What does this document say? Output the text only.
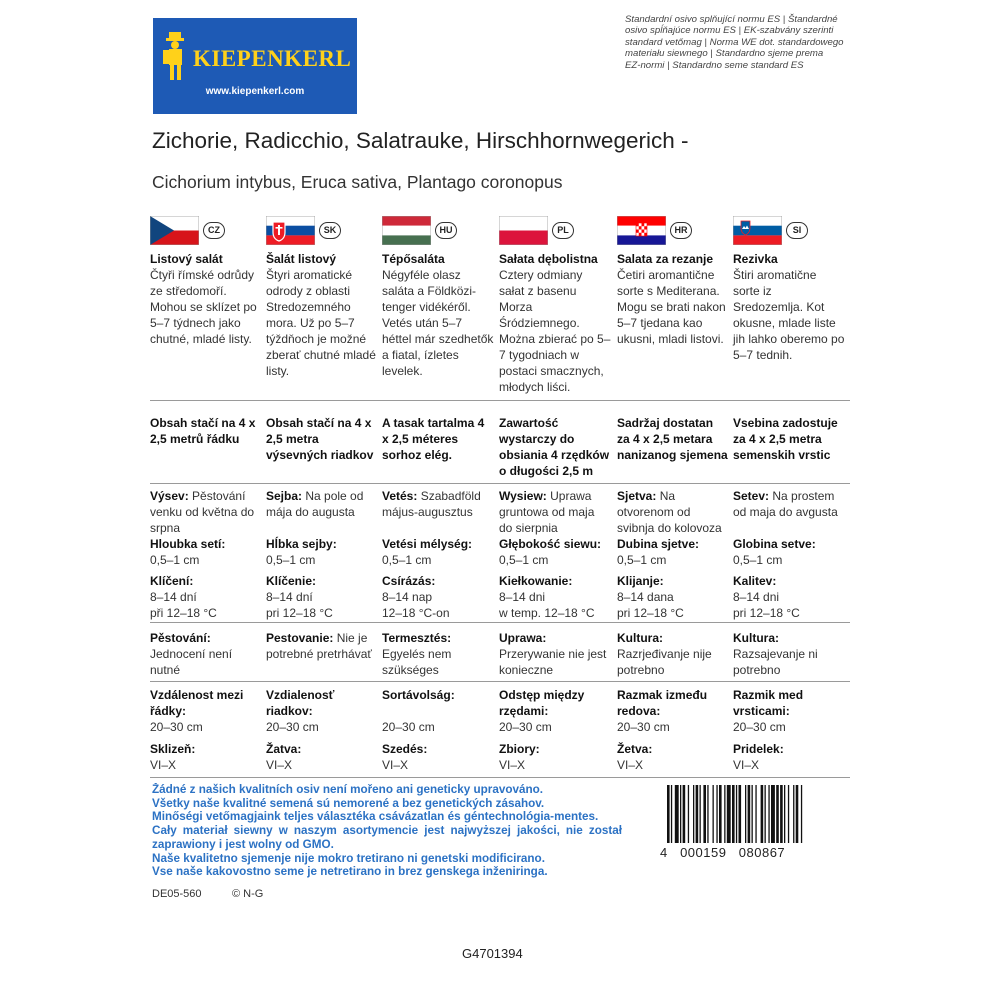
KIEPENKERL
www.kiepenkerl.com
Standardní osivo splňující normu ES | Štandardné
osivo spĺňajúce normu ES | EK-szabvány szerinti
standard vetőmag | Norma WE dot. standardowego
materiału siewnego | Standardno sjeme prema
EZ-normi | Standardno seme standard ES
Zichorie, Radicchio, Salatrauke, Hirschhornwegerich -
Cichorium intybus, Eruca sativa, Plantago coronopus
CZ
Listový salát
Čtyři římské odrůdy ze středomoří. Mohou se sklízet po 5–7 týdnech jako chutné, mladé listy.
SK
Šalát listový
Štyri aromatické odrody z oblasti Stredozemného mora. Už po 5–7 týždňoch je možné zberať chutné mladé listy.
HU
Tépősaláta
Négyféle olasz saláta a Földközi-tenger vidékéről. Vetés után 5–7 héttel már szedhetők a fiatal, ízletes levelek.
PL
Sałata dębolistna
Cztery odmiany sałat z basenu Morza Śródziemnego. Można zbierać po 5–7 tygodniach w postaci smacznych, młodych liści.
HR
Salata za rezanje
Četiri aromantične sorte s Mediterana. Mogu se brati nakon 5–7 tjedana kao ukusni, mladi listovi.
SI
Rezivka
Štiri aromatične sorte iz Sredozemlja. Kot okusne, mlade liste jih lahko oberemo po 5–7 tednih.
Obsah stačí na 4 x 2,5 metrů řádku
Obsah stačí na 4 x 2,5 metra výsevných riadkov
A tasak tartalma 4 x 2,5 méteres sorhoz elég.
Zawartość wystarczy do obsiania 4 rzędków o długości 2,5 m
Sadržaj dostatan za 4 x 2,5 metara nanizanog sjemena
Vsebina zadostuje za 4 x 2,5 metra semenskih vrstic
Výsev: Pěstování venku od května do srpna
Hloubka setí:
0,5–1 cm
Klíčení:
8–14 dní
při 12–18 °C
Sejba: Na pole od mája do augusta
Hĺbka sejby:
0,5–1 cm
Klíčenie:
8–14 dní
pri 12–18 °C
Vetés: Szabadföld május-augusztus
Vetési mélység:
0,5–1 cm
Csírázás:
8–14 nap
12–18 °C-on
Wysiew: Uprawa gruntowa od maja do sierpnia
Głębokość siewu:
0,5–1 cm
Kiełkowanie:
8–14 dni
w temp. 12–18 °C
Sjetva: Na otvorenom od svibnja do kolovoza
Dubina sjetve:
0,5–1 cm
Klijanje:
8–14 dana
pri 12–18 °C
Setev: Na prostem od maja do avgusta
Globina setve:
0,5–1 cm
Kalitev:
8–14 dni
pri 12–18 °C
Pěstování: Jednocení není nutné
Pestovanie: Nie je potrebné pretrhávať
Termesztés: Egyelés nem szükséges
Uprawa: Przerywanie nie jest konieczne
Kultura: Razrjeđivanje nije potrebno
Kultura: Razsajevanje ni potrebno
Vzdálenost mezi řádky:
20–30 cm
Sklizeň:
VI–X
Vzdialenosť riadkov:
20–30 cm
Žatva:
VI–X
Sortávolság:
20–30 cm
Szedés:
VI–X
Odstęp między rzędami:
20–30 cm
Zbiory:
VI–X
Razmak između redova:
20–30 cm
Žetva:
VI–X
Razmik med vrsticami:
20–30 cm
Pridelek:
VI–X
Žádné z našich kvalitních osiv není mořeno ani geneticky upravováno.
Všetky naše kvalitné semená sú nemorené a bez genetických zásahov.
Minőségi vetőmagjaink teljes választéka csávázatlan és géntechnológia-mentes.
Cały materiał siewny w naszym asortymencie jest najwyższej jakości, nie został zaprawiony i jest wolny od GMO.
Naše kvalitetno sjemenje nije mokro tretirano ni genetski modificirano.
Vse naše kakovostno seme je netretirano in brez genskega inženiringa.
4   000159   080867
DE05-560	© N-G
G4701394
